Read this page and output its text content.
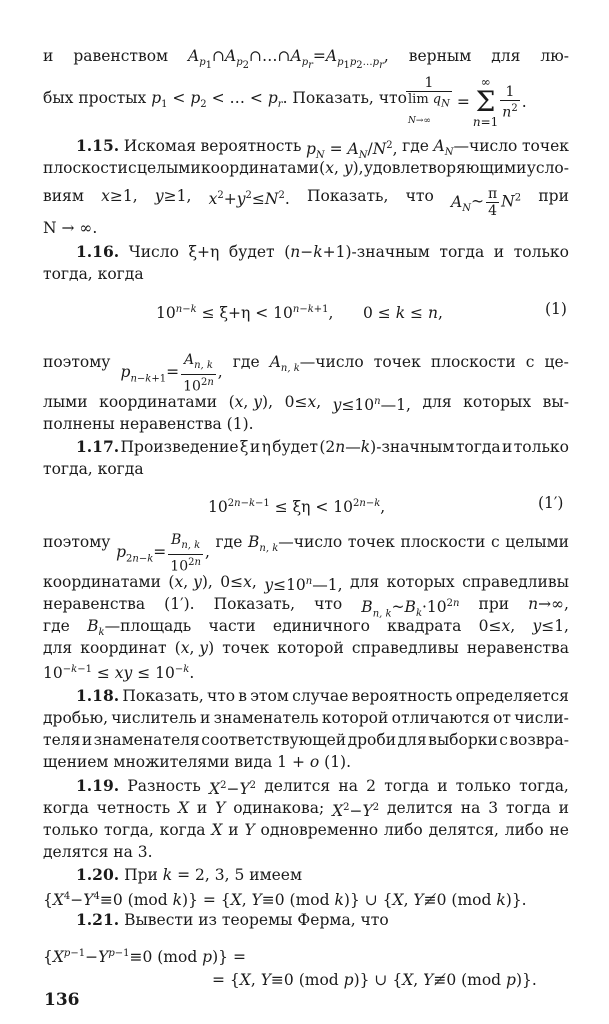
и равенством $A_{p_1}\cap A_{p_2}\cap\dots\cap A_{p_r}=A_{p_1p_2\dots p_r}$, верным для лю-
бых простых $p_1 < p_2$ < … < $p_r$. Показать, что
1
$\lim q_N$
N→∞
=
∞
Σ
n=1
$\frac{1}{n^2}$ .
1.15. Искомая вероятность $p_N = A_N/N^2$, где $A_N—число$ точек
плоскости с целыми координатами (x, y), удовлетворяющими усло-
виям x≥1, y≥1, $x^2+y^2\le N^2$. Показать, что $A_N\sim \frac{\pi}{4} N^2$ при
N → ∞.
1.16. Число ξ+η будет (n−k+1)-значным тогда и только
тогда, когда
$10^{n-k} \le \xi+\eta < 10^{n-k+1}$,      0 ≤ k ≤ n,	(1)
поэтому
$p_{n-k+1}= \frac{A_{n, k}}{10^{2n}}$ ,
где $A_{n, k}—число$ точек плоскости с це-
лыми координатами (x, y), 0≤x, $y\le 10^n—1$, для которых вы-
полнены неравенства (1).
1.17. Произведение ξ и η будет (2n—k)-значным тогда и только
тогда, когда
$10^{2n-k-1} \le \xi\eta < 10^{2n-k}$,	(1′)
поэтому
$p_{2n-k}= \frac{B_{n, k}}{10^{2n}}$ ,
где $B_{n, k}—число$ точек плоскости с целыми
координатами (x, y), 0≤x, $y\le 10^n—1$, для которых справедливы
неравенства (1′). Показать, что $B_{n, k}\sim B_k\cdot 10^{2n}$ при n→∞,
где $B_k—площадь$ части единичного квадрата 0≤x, y≤1,
для координат (x, y) точек которой справедливы неравенства
$10^{-k-1}$ ≤ xy ≤ $10^{-k}$.
1.18. Показать, что в этом случае вероятность определяется
дробью, числитель и знаменатель которой отличаются от числи-
теля и знаменателя соответствующей дроби для выборки с возвра-
щением множителями вида 1 + o (1).
1.19. Разность $X^2-Y^2$ делится на 2 тогда и только тогда,
когда четность X и Y одинакова; $X^2-Y^2$ делится на 3 тогда и
только тогда, когда X и Y одновременно либо делятся, либо не
делятся на 3.
1.20. При k = 2, 3, 5 имеем
{$X^4-Y^4\equiv 0$ (mod k)} = {X, Y≡0 (mod k)} ∪ {X, Y≢0 (mod k)}.
1.21. Вывести из теоремы Ферма, что
{$X^{p-1}-Y^{p-1}\equiv 0$ (mod p)} =
= {X, Y≡0 (mod p)} ∪ {X, Y≢0 (mod p)}.
136
